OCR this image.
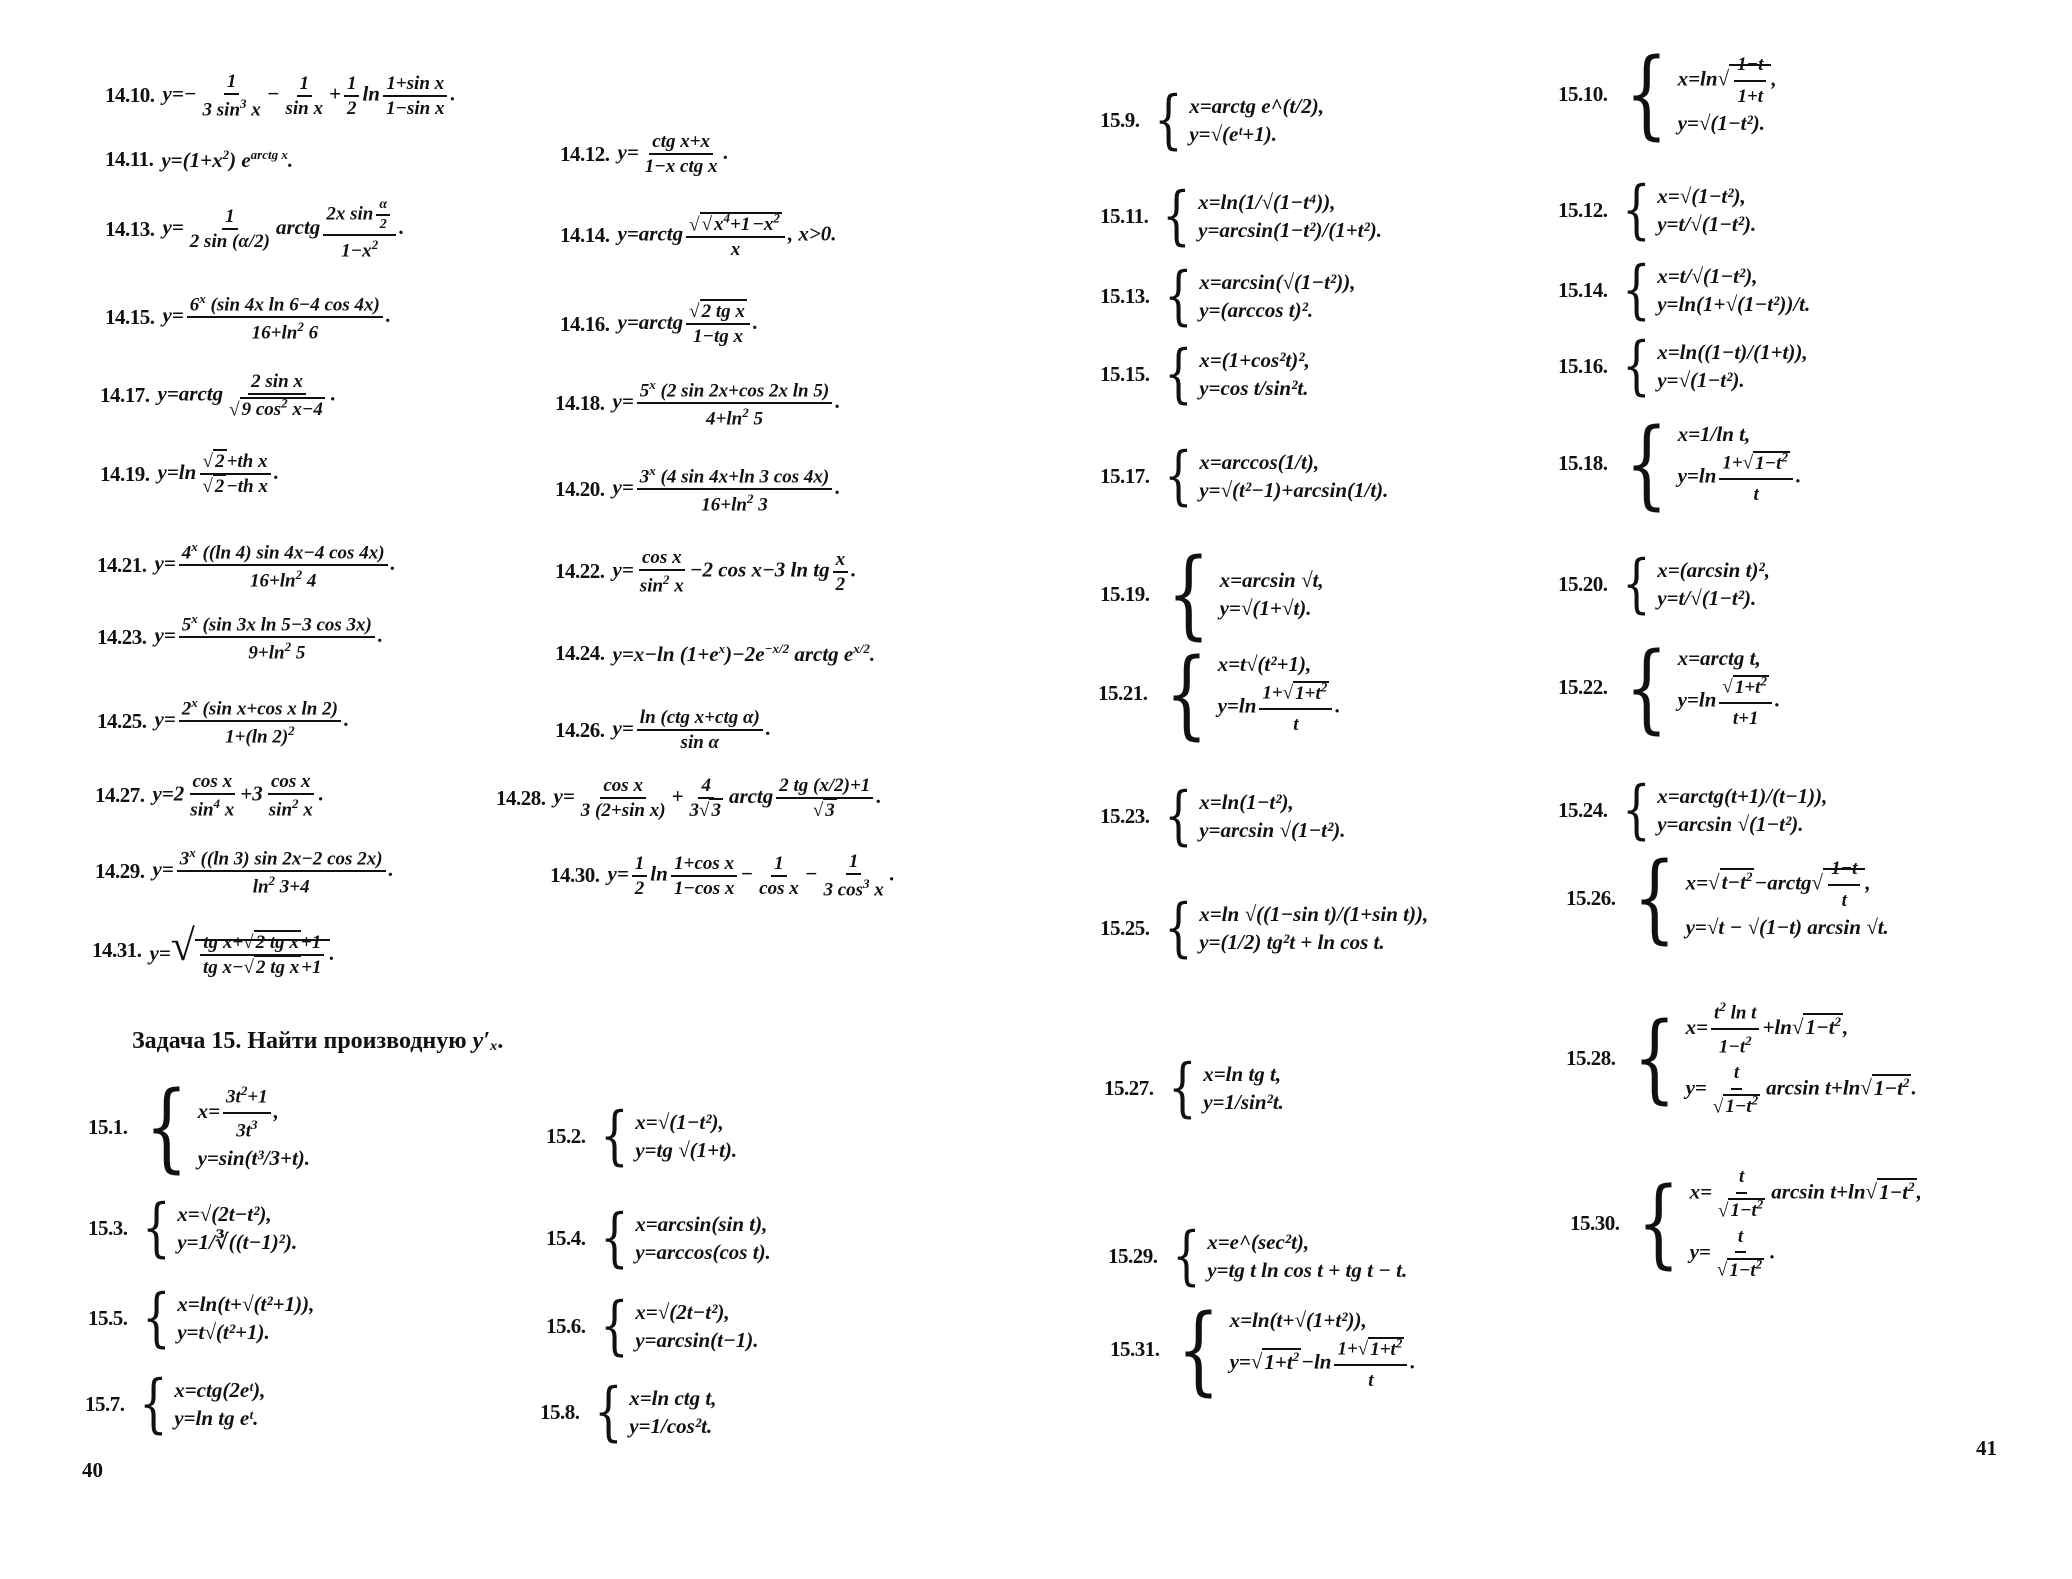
14.10. $y=- \frac{1}{3 \sin^3 x} - \frac{1}{\text{sin x}} + \frac{1}{2}$ $\ln \frac{\text{1+sin x}}{\text{1−sin x}}$ .
14.11. $y=(1+x^2)$ $e^{arctg x}$.	14.12. $y= \frac{\text{ctg x+x}}{\text{1−x ctg x}}$ .
14.13. $y= \frac{1}{2 \sin (\alpha/2)}$ arctg $\frac{2x \sin \frac{\alpha}{2}}{1-x^2}$ .	14.14. y=arctg $\frac{√ √ x^4+1 -x^2}{x}$ , x>0.
14.15. $y= \frac{6^x (\sin 4x \ln 6-4 \cos 4x)}{16+\ln^2 6}$ .	14.16. y=arctg $\frac{\text{√ 2 tg x}}{\text{1−tg x}}$ .
14.17. y=arctg $\frac{\text{2 sin x}}{√ 9 \cos^2 x-4}$ .	14.18. $y= \frac{5^x (2 \sin 2x+\cos 2x \ln 5)}{4+\ln^2 5}$ .
14.19. $y=\ln \frac{\text{√ 2 +th x}}{\text{√ 2 −th x}}$ .
14.20. $y= \frac{3^x (4 \sin 4x+\ln 3 \cos 4x)}{16+\ln^2 3}$ .
14.21. $y= \frac{4^x ((\ln 4) \sin 4x-4 \cos 4x)}{16+\ln^2 4}$ .	14.22. $y= \frac{\text{cos x}}{\sin^2 x} -2$ cos x−3 ln tg $\frac{x}{2}$ .
14.23. $y= \frac{5^x (\sin 3x \ln 5-3 \cos 3x)}{9+\ln^2 5}$ .
14.24. y=x−ln $(1+e^x)-2e^{-x/2}$ arctg $e^{x/2}$.
14.25. $y= \frac{2^x (\sin x+\cos x \ln 2)}{1+(\ln 2)^2}$ .	14.26. $y= \frac{\text{ln (ctg x+ctg α)}}{\text{sin α}}$ .
14.27. $y=2 \frac{\text{cos x}}{\sin^4 x} +3 \frac{\text{cos x}}{\sin^2 x}$ .	14.28. $y= \frac{\text{cos x}}{\text{3 (2+sin x)}} + \frac{4}{3√ 3}$ arctg $\frac{2 tg (x/2)+1}{√ 3}$ .
14.29. $y= \frac{3^x ((\ln 3) \sin 2x-2 \cos 2x)}{\ln^2 3+4}$ .	14.30. $y= \frac{1}{2}$ $\ln \frac{\text{1+cos x}}{\text{1−cos x}} - \frac{1}{\text{cos x}} - \frac{1}{3 \cos^3 x}$ .
14.31. $y=√ \frac{\text{tg x+√ 2 tg x +1}}{\text{tg x−√ 2 tg x +1}}$ .
Задача 15. Найти производную y′ₓ.
15.1. { $x= \frac{3t^2+1}{3t^3}$ ,
y=sin(t³/3+t).
15.2. { x=√(1−t²),
y=tg √(1+t).
15.3. { x=√(2t−t²),
y=1/∛((t−1)²).	15.4. { x=arcsin(sin t),
y=arccos(cos t).
15.5. { x=ln(t+√(t²+1)),
y=t√(t²+1).	15.6. { x=√(2t−t²),
y=arcsin(t−1).
15.7. { x=ctg(2eᵗ),
y=ln tg eᵗ.	15.8. { x=ln ctg t,
y=1/cos²t.
40
15.9. { x=arctg e^(t/2),
y=√(eᵗ+1).
15.10. { $x=\ln√ \frac{1-t}{1+t}$ ,
y=√(1−t²).
15.11. { x=ln(1/√(1−t⁴)),
y=arcsin(1−t²)/(1+t²).
15.12. { x=√(1−t²),
y=t/√(1−t²).
15.13. { x=arcsin(√(1−t²)),
y=(arccos t)².
15.14. { x=t/√(1−t²),
y=ln(1+√(1−t²))/t.
15.15. { x=(1+cos²t)²,
y=cos t/sin²t.
15.16. { x=ln((1−t)/(1+t)),
y=√(1−t²).
15.17. { x=arccos(1/t),
y=√(t²−1)+arcsin(1/t).
15.18. { x=1/ln t,
$y=\ln \frac{1+√ 1-t^2}{t}$ .
15.19. { x=arcsin √t,
y=√(1+√t).
15.20. { x=(arcsin t)²,
y=t/√(1−t²).
15.21. { x=t√(t²+1),
$y=\ln \frac{1+√ 1+t^2}{t}$ .
15.22. { x=arctg t,
$y=\ln \frac{√ 1+t^2}{t+1}$ .
15.23. { x=ln(1−t²),
y=arcsin √(1−t²).
15.24. { x=arctg(t+1)/(t−1)),
y=arcsin √(1−t²).
15.25. { x=ln √((1−sin t)/(1+sin t)),
y=(1/2) tg²t + ln cos t.
15.26. { $x=√t-t^2-arctg√ \frac{1-t}{t}$ ,
y=√t − √(1−t) arcsin √t.
15.27. { x=ln tg t,
y=1/sin²t.
15.28. { $x= \frac{t^2 \ln t}{1-t^2} +\ln√1-t^2$,
$y= \frac{t}{√ 1-t^2}$ $\arcsin t+\ln√1-t^2$.
15.29. { x=e^(sec²t),
y=tg t ln cos t + tg t − t.
15.30. { $x= \frac{t}{√ 1-t^2}$ $\arcsin t+\ln√1-t^2$,
$y= \frac{t}{√ 1-t^2}$ .
15.31. { x=ln(t+√(1+t²)),
$y=√1+t^2-\ln \frac{1+√ 1+t^2}{t}$ .
41
